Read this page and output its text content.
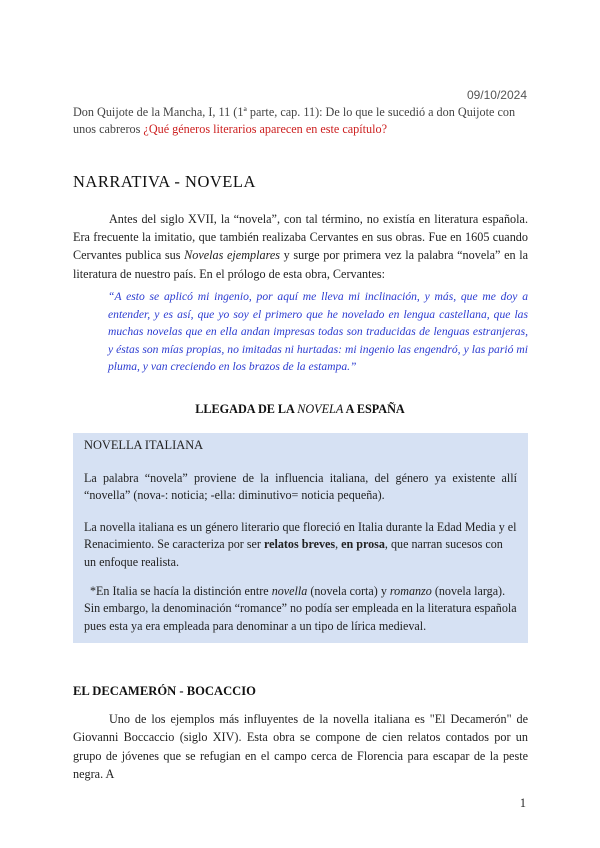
09/10/2024
Don Quijote de la Mancha, I, 11 (1ª parte, cap. 11): De lo que le sucedió a don Quijote con unos cabreros ¿Qué géneros literarios aparecen en este capítulo?
NARRATIVA - NOVELA

Antes del siglo XVII, la “novela”, con tal término, no existía en literatura española. Era frecuente la imitatio, que también realizaba Cervantes en sus obras. Fue en 1605 cuando Cervantes publica sus Novelas ejemplares y surge por primera vez la palabra “novela” en la literatura de nuestro país. En el prólogo de esta obra, Cervantes:

“A esto se aplicó mi ingenio, por aquí me lleva mi inclinación, y más, que me doy a entender, y es así, que yo soy el primero que he novelado en lengua castellana, que las muchas novelas que en ella andan impresas todas son traducidas de lenguas estranjeras, y éstas son mías propias, no imitadas ni hurtadas: mi ingenio las engendró, y las parió mi pluma, y van creciendo en los brazos de la estampa.”

LLEGADA DE LA NOVELA A ESPAÑA
NOVELLA ITALIANA

La palabra “novela” proviene de la influencia italiana, del género ya existente allí “novella” (nova-: noticia; -ella: diminutivo= noticia pequeña).

La novella italiana es un género literario que floreció en Italia durante la Edad Media y el Renacimiento. Se caracteriza por ser relatos breves, en prosa, que narran sucesos con un enfoque realista.

*En Italia se hacía la distinción entre novella (novela corta) y romanzo (novela larga). Sin embargo, la denominación “romance” no podía ser empleada en la literatura española pues esta ya era empleada para denominar a un tipo de lírica medieval.

EL DECAMERÓN - BOCACCIO

Uno de los ejemplos más influyentes de la novella italiana es "El Decamerón" de Giovanni Boccaccio (siglo XIV). Esta obra se compone de cien relatos contados por un grupo de jóvenes que se refugian en el campo cerca de Florencia para escapar de la peste negra. A

1
